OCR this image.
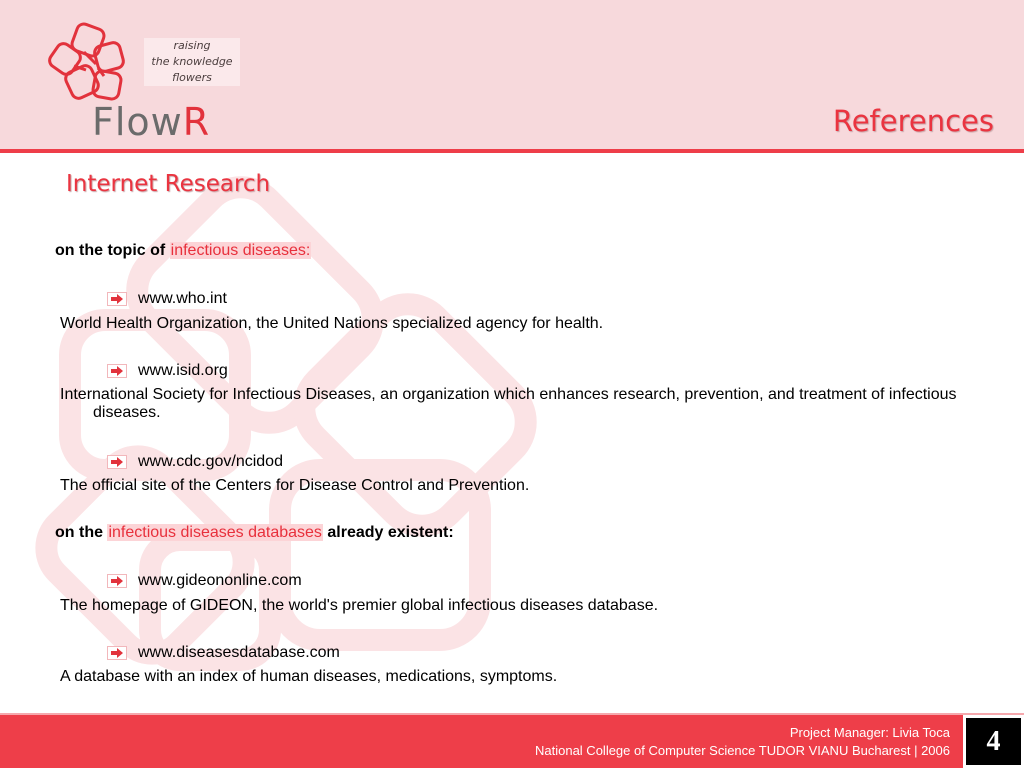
raising
the knowledge
flowers
FlowR	References
Internet Research
on the topic of infectious diseases:
www.who.int
World Health Organization, the United Nations specialized agency for health.
www.isid.org
International Society for Infectious Diseases, an organization which enhances research, prevention, and treatment of infectious diseases.
www.cdc.gov/ncidod
The official site of the Centers for Disease Control and Prevention.
on the infectious diseases databases already existent:
www.gideononline.com
The homepage of GIDEON, the world's premier global infectious diseases database.
www.diseasesdatabase.com
A database with an index of human diseases, medications, symptoms.
Project Manager: Livia Toca
National College of Computer Science TUDOR VIANU Bucharest | 2006	4
